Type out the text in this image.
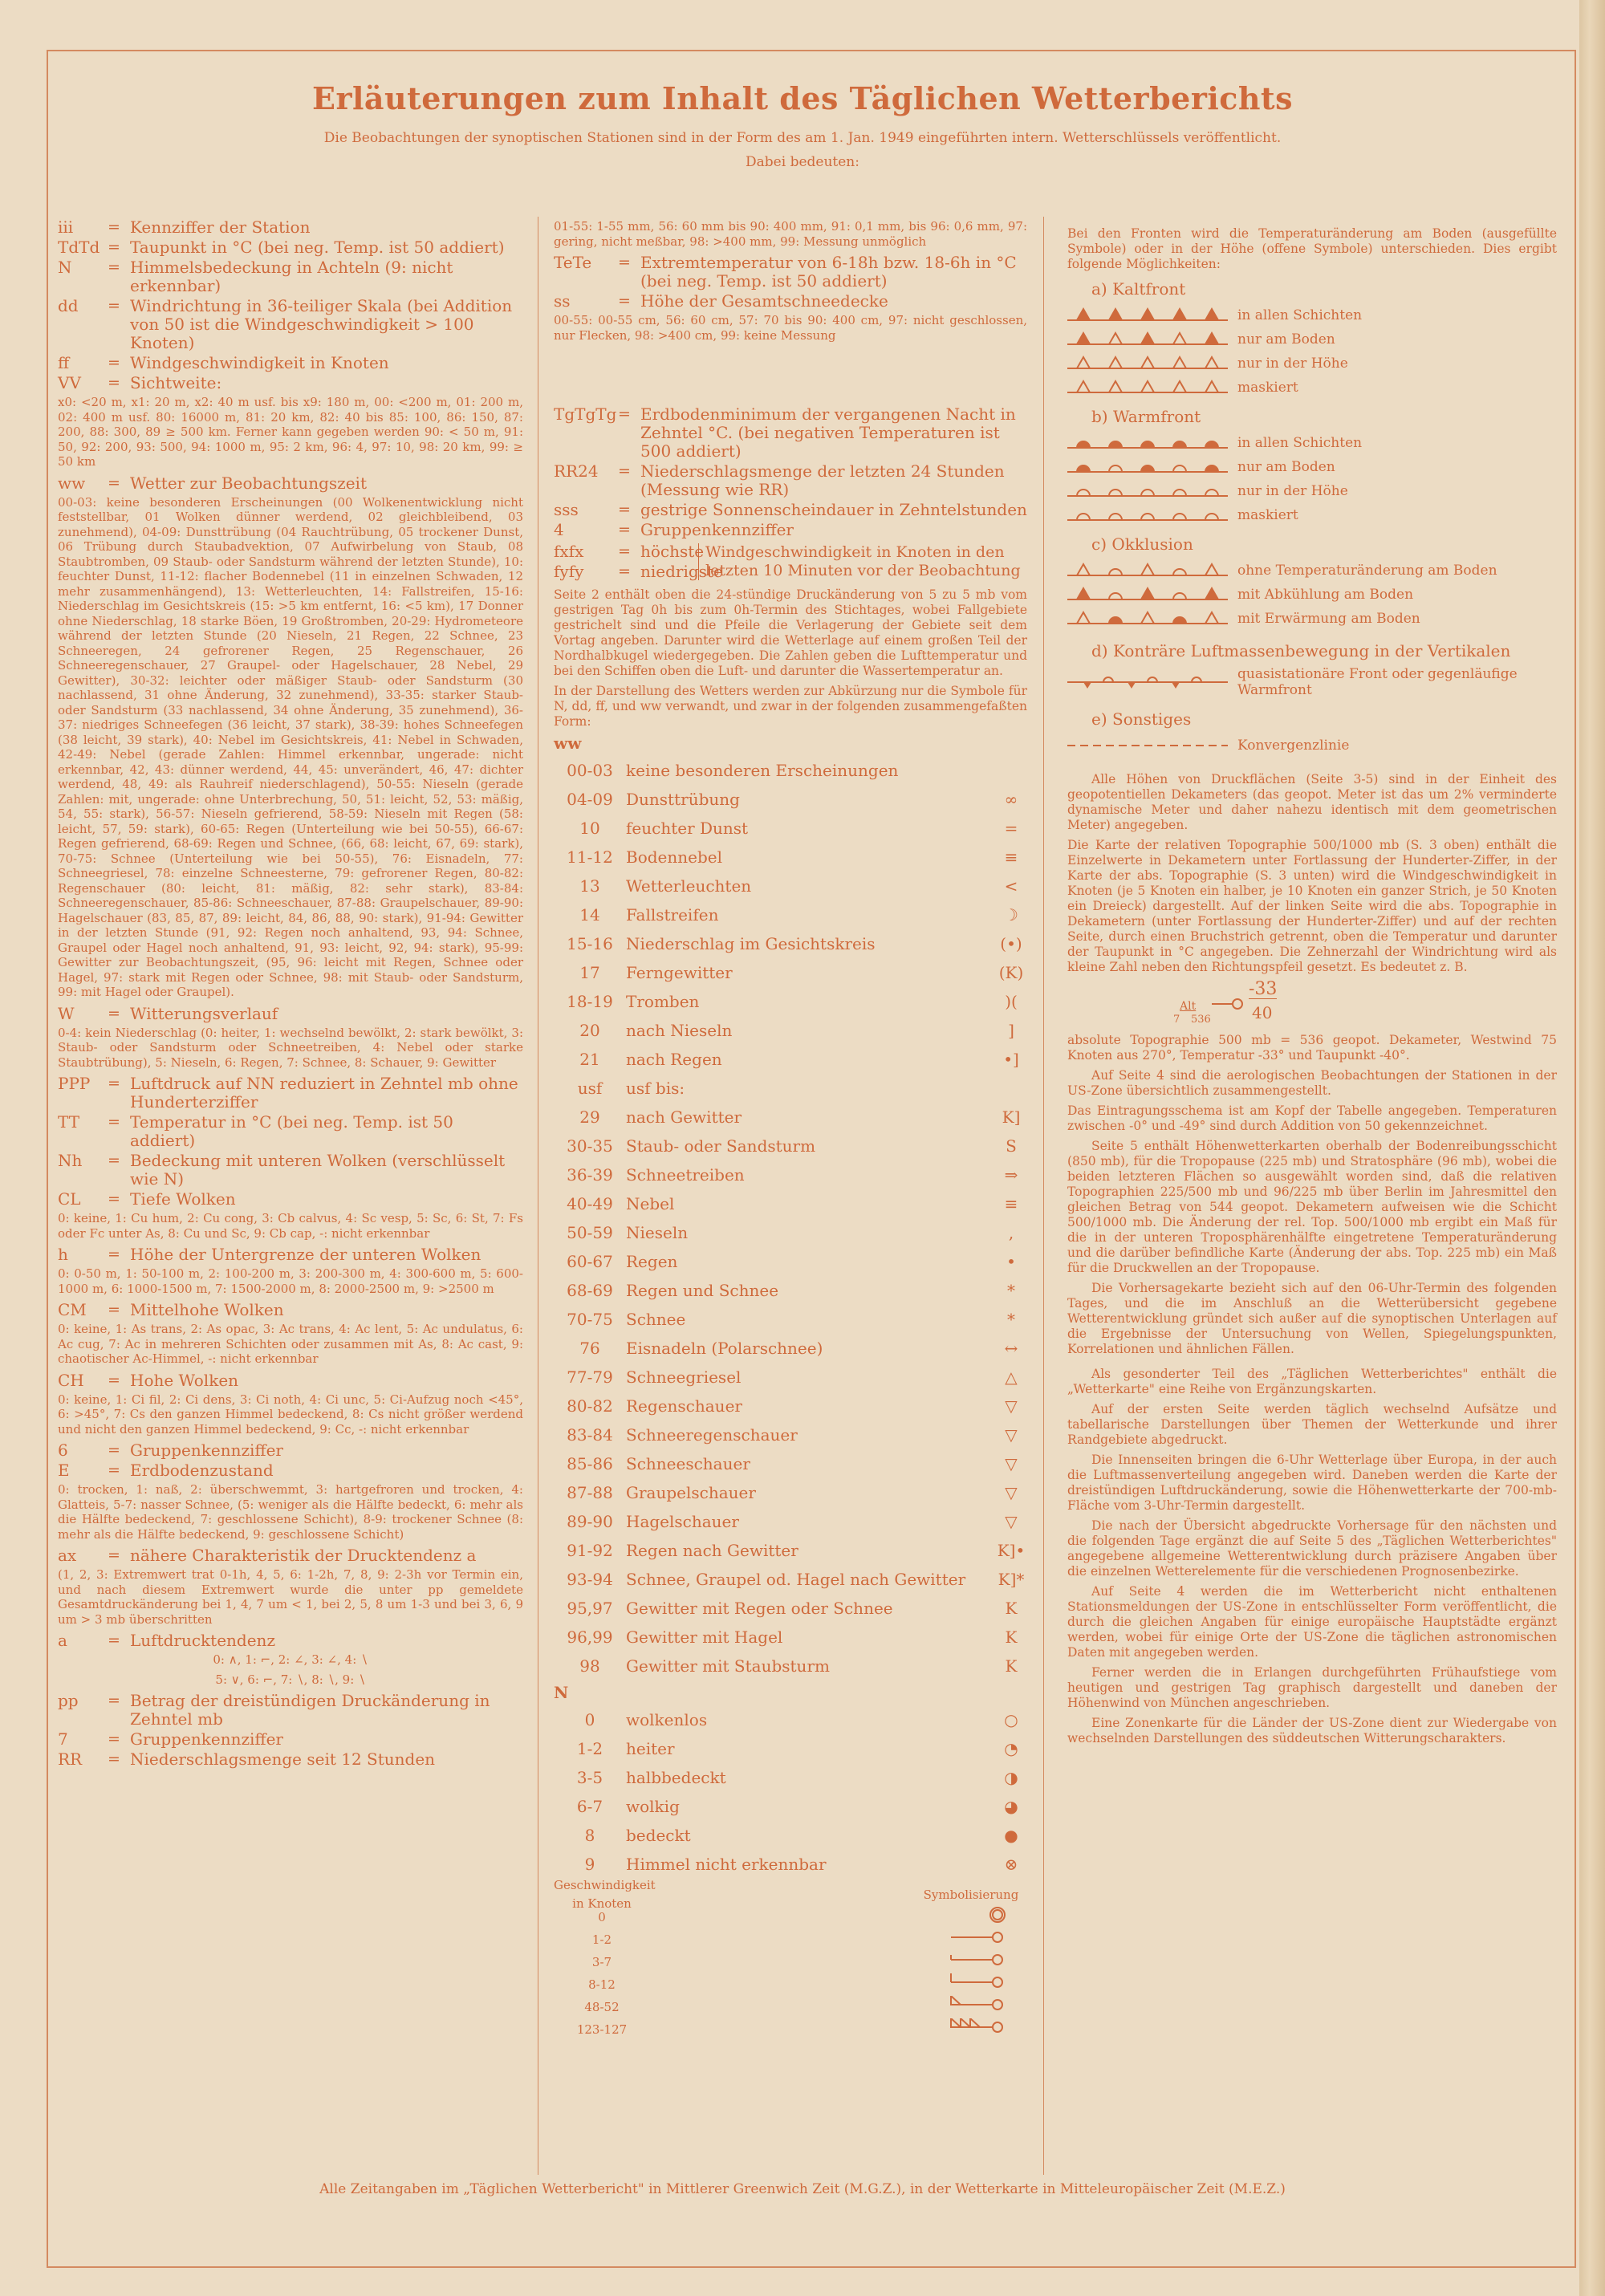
Erläuterungen zum Inhalt des Täglichen Wetterberichts
Die Beobachtungen der synoptischen Stationen sind in der Form des am 1. Jan. 1949 eingeführten intern. Wetterschlüssels veröffentlicht.
Dabei bedeuten:
iii	= Kennziffer der Station
TdTd = Taupunkt in °C (bei neg. Temp. ist 50 addiert)
N	= Himmelsbedeckung in Achteln (9: nicht erkennbar)
dd	= Windrichtung in 36-teiliger Skala (bei Addition von 50 ist die Windgeschwindigkeit > 100 Knoten)
ff	= Windgeschwindigkeit in Knoten
VV	= Sichtweite:
x0: <20 m, x1: 20 m, x2: 40 m usf. bis x9: 180 m, 00: <200 m, 01: 200 m, 02: 400 m usf. 80: 16000 m, 81: 20 km, 82: 40 bis 85: 100, 86: 150, 87: 200, 88: 300, 89 ≥ 500 km. Ferner kann gegeben werden 90: < 50 m, 91: 50, 92: 200, 93: 500, 94: 1000 m, 95: 2 km, 96: 4, 97: 10, 98: 20 km, 99: ≥ 50 km
ww	= Wetter zur Beobachtungszeit
00-03: keine besonderen Erscheinungen (00 Wolkenentwicklung nicht feststellbar, 01 Wolken dünner werdend, 02 gleichbleibend, 03 zunehmend), 04-09: Dunsttrübung (04 Rauchtrübung, 05 trockener Dunst, 06 Trübung durch Staubadvektion, 07 Aufwirbelung von Staub, 08 Staubtromben, 09 Staub- oder Sandsturm während der letzten Stunde), 10: feuchter Dunst, 11-12: flacher Bodennebel (11 in einzelnen Schwaden, 12 mehr zusammenhängend), 13: Wetterleuchten, 14: Fallstreifen, 15-16: Niederschlag im Gesichtskreis (15: >5 km entfernt, 16: <5 km), 17 Donner ohne Niederschlag, 18 starke Böen, 19 Großtromben, 20-29: Hydrometeore während der letzten Stunde (20 Nieseln, 21 Regen, 22 Schnee, 23 Schneeregen, 24 gefrorener Regen, 25 Regenschauer, 26 Schneeregenschauer, 27 Graupel- oder Hagelschauer, 28 Nebel, 29 Gewitter), 30-32: leichter oder mäßiger Staub- oder Sandsturm (30 nachlassend, 31 ohne Änderung, 32 zunehmend), 33-35: starker Staub- oder Sandsturm (33 nachlassend, 34 ohne Änderung, 35 zunehmend), 36-37: niedriges Schneefegen (36 leicht, 37 stark), 38-39: hohes Schneefegen (38 leicht, 39 stark), 40: Nebel im Gesichtskreis, 41: Nebel in Schwaden, 42-49: Nebel (gerade Zahlen: Himmel erkennbar, ungerade: nicht erkennbar, 42, 43: dünner werdend, 44, 45: unverändert, 46, 47: dichter werdend, 48, 49: als Rauhreif niederschlagend), 50-55: Nieseln (gerade Zahlen: mit, ungerade: ohne Unterbrechung, 50, 51: leicht, 52, 53: mäßig, 54, 55: stark), 56-57: Nieseln gefrierend, 58-59: Nieseln mit Regen (58: leicht, 57, 59: stark), 60-65: Regen (Unterteilung wie bei 50-55), 66-67: Regen gefrierend, 68-69: Regen und Schnee, (66, 68: leicht, 67, 69: stark), 70-75: Schnee (Unterteilung wie bei 50-55), 76: Eisnadeln, 77: Schneegriesel, 78: einzelne Schneesterne, 79: gefrorener Regen, 80-82: Regenschauer (80: leicht, 81: mäßig, 82: sehr stark), 83-84: Schneeregenschauer, 85-86: Schneeschauer, 87-88: Graupelschauer, 89-90: Hagelschauer (83, 85, 87, 89: leicht, 84, 86, 88, 90: stark), 91-94: Gewitter in der letzten Stunde (91, 92: Regen noch anhaltend, 93, 94: Schnee, Graupel oder Hagel noch anhaltend, 91, 93: leicht, 92, 94: stark), 95-99: Gewitter zur Beobachtungszeit, (95, 96: leicht mit Regen, Schnee oder Hagel, 97: stark mit Regen oder Schnee, 98: mit Staub- oder Sandsturm, 99: mit Hagel oder Graupel).
W	= Witterungsverlauf
0-4: kein Niederschlag (0: heiter, 1: wechselnd bewölkt, 2: stark bewölkt, 3: Staub- oder Sandsturm oder Schneetreiben, 4: Nebel oder starke Staubtrübung), 5: Nieseln, 6: Regen, 7: Schnee, 8: Schauer, 9: Gewitter
PPP	= Luftdruck auf NN reduziert in Zehntel mb ohne Hunderterziffer
TT	= Temperatur in °C (bei neg. Temp. ist 50 addiert)
Nh	= Bedeckung mit unteren Wolken (verschlüsselt wie N)
CL	= Tiefe Wolken
0: keine, 1: Cu hum, 2: Cu cong, 3: Cb calvus, 4: Sc vesp, 5: Sc, 6: St, 7: Fs oder Fc unter As, 8: Cu und Sc, 9: Cb cap, -: nicht erkennbar
h	= Höhe der Untergrenze der unteren Wolken
0: 0-50 m, 1: 50-100 m, 2: 100-200 m, 3: 200-300 m, 4: 300-600 m, 5: 600-1000 m, 6: 1000-1500 m, 7: 1500-2000 m, 8: 2000-2500 m, 9: >2500 m
CM	= Mittelhohe Wolken
0: keine, 1: As trans, 2: As opac, 3: Ac trans, 4: Ac lent, 5: Ac undulatus, 6: Ac cug, 7: Ac in mehreren Schichten oder zusammen mit As, 8: Ac cast, 9: chaotischer Ac-Himmel, -: nicht erkennbar
CH	= Hohe Wolken
0: keine, 1: Ci fil, 2: Ci dens, 3: Ci noth, 4: Ci unc, 5: Ci-Aufzug noch <45°, 6: >45°, 7: Cs den ganzen Himmel bedeckend, 8: Cs nicht größer werdend und nicht den ganzen Himmel bedeckend, 9: Cc, -: nicht erkennbar
6	= Gruppenkennziffer
E	= Erdbodenzustand
0: trocken, 1: naß, 2: überschwemmt, 3: hartgefroren und trocken, 4: Glatteis, 5-7: nasser Schnee, (5: weniger als die Hälfte bedeckt, 6: mehr als die Hälfte bedeckend, 7: geschlossene Schicht), 8-9: trockener Schnee (8: mehr als die Hälfte bedeckend, 9: geschlossene Schicht)
ax	= nähere Charakteristik der Drucktendenz a
(1, 2, 3: Extremwert trat 0-1h, 4, 5, 6: 1-2h, 7, 8, 9: 2-3h vor Termin ein, und nach diesem Extremwert wurde die unter pp gemeldete Gesamtdruckänderung bei 1, 4, 7 um < 1, bei 2, 5, 8 um 1-3 und bei 3, 6, 9 um > 3 mb überschritten
a	= Luftdrucktendenz
0: ∧, 1: ⌐, 2: ∠, 3: ∠, 4: ∖
5: ∨, 6: ⌐, 7: ∖, 8: ∖, 9: ∖
pp	= Betrag der dreistündigen Druckänderung in Zehntel mb
7	= Gruppenkennziffer
RR	= Niederschlagsmenge seit 12 Stunden
01-55: 1-55 mm, 56: 60 mm bis 90: 400 mm, 91: 0,1 mm, bis 96: 0,6 mm, 97: gering, nicht meßbar, 98: >400 mm, 99: Messung unmöglich
TeTe	= Extremtemperatur von 6-18h bzw. 18-6h in °C (bei neg. Temp. ist 50 addiert)
ss	= Höhe der Gesamtschneedecke
00-55: 00-55 cm, 56: 60 cm, 57: 70 bis 90: 400 cm, 97: nicht geschlossen, nur Flecken, 98: >400 cm, 99: keine Messung
TgTgTg = Erdbodenminimum der vergangenen Nacht in Zehntel °C. (bei negativen Temperaturen ist 500 addiert)
RR24	= Niederschlagsmenge der letzten 24 Stunden (Messung wie RR)
sss	= gestrige Sonnenscheindauer in Zehntelstunden
4	= Gruppenkennziffer
fxfx	= höchste
fyfy	= niedrigste
Windgeschwindigkeit in Knoten in den letzten 10 Minuten vor der Beobachtung
Seite 2 enthält oben die 24-stündige Druckänderung von 5 zu 5 mb vom gestrigen Tag 0h bis zum 0h-Termin des Stichtages, wobei Fallgebiete gestrichelt sind und die Pfeile die Verlagerung der Gebiete seit dem Vortag angeben. Darunter wird die Wetterlage auf einem großen Teil der Nordhalbkugel wiedergegeben. Die Zahlen geben die Lufttemperatur und bei den Schiffen oben die Luft- und darunter die Wassertemperatur an.
In der Darstellung des Wetters werden zur Abkürzung nur die Symbole für N, dd, ff, und ww verwandt, und zwar in der folgenden zusammengefaßten Form:
ww
00-03 keine besonderen Erscheinungen
04-09 Dunsttrübung	∞
10	feuchter Dunst	=
11-12 Bodennebel	≡
13	Wetterleuchten	<
14	Fallstreifen	☽
15-16 Niederschlag im Gesichtskreis	(•)
17	Ferngewitter	(K)
18-19 Tromben	)(
20	nach Nieseln	]
21	nach Regen	•]
usf	usf bis:
29	nach Gewitter	K]
30-35 Staub- oder Sandsturm	S
36-39 Schneetreiben	⇒
40-49 Nebel	≡
50-59 Nieseln	,
60-67 Regen	•
68-69 Regen und Schnee	*
70-75 Schnee	*
76	Eisnadeln (Polarschnee)	↔
77-79 Schneegriesel	△
80-82 Regenschauer	▽
83-84 Schneeregenschauer	▽
85-86 Schneeschauer	▽
87-88 Graupelschauer	▽
89-90 Hagelschauer	▽
91-92 Regen nach Gewitter	K]•
93-94 Schnee, Graupel od. Hagel nach Gewitter	K]*
95,97 Gewitter mit Regen oder Schnee	K
96,99 Gewitter mit Hagel	K
98	Gewitter mit Staubsturm	K
N
0	wolkenlos	○
1-2	heiter	◔
3-5	halbbedeckt	◑
6-7	wolkig	◕
8	bedeckt	●
9	Himmel nicht erkennbar	⊗
Geschwindigkeit in Knoten
Symbolisierung
0
1-2
3-7
8-12
48-52
123-127
Bei den Fronten wird die Temperaturänderung am Boden (ausgefüllte Symbole) oder in der Höhe (offene Symbole) unterschieden. Dies ergibt folgende Möglichkeiten:
a) Kaltfront
in allen Schichten
nur am Boden
nur in der Höhe
maskiert
b) Warmfront
in allen Schichten
nur am Boden
nur in der Höhe
maskiert
c) Okklusion
ohne Temperaturänderung am Boden
mit Abkühlung am Boden
mit Erwärmung am Boden
d) Konträre Luftmassenbewegung in der Vertikalen
quasistationäre Front oder gegenläufige Warmfront
e) Sonstiges
Konvergenzlinie
Alle Höhen von Druckflächen (Seite 3-5) sind in der Einheit des geopotentiellen Dekameters (das geopot. Meter ist das um 2% verminderte dynamische Meter und daher nahezu identisch mit dem geometrischen Meter) angegeben.
Die Karte der relativen Topographie 500/1000 mb (S. 3 oben) enthält die Einzelwerte in Dekametern unter Fortlassung der Hunderter-Ziffer, in der Karte der abs. Topographie (S. 3 unten) wird die Windgeschwindigkeit in Knoten (je 5 Knoten ein halber, je 10 Knoten ein ganzer Strich, je 50 Knoten ein Dreieck) dargestellt. Auf der linken Seite wird die abs. Topographie in Dekametern (unter Fortlassung der Hunderter-Ziffer) und auf der rechten Seite, durch einen Bruchstrich getrennt, oben die Temperatur und darunter der Taupunkt in °C angegeben. Die Zehnerzahl der Windrichtung wird als kleine Zahl neben den Richtungspfeil gesetzt. Es bedeutet z. B.
Alt
7 536
-33
40
absolute Topographie 500 mb = 536 geopot. Dekameter, Westwind 75 Knoten aus 270°, Temperatur -33° und Taupunkt -40°.
Auf Seite 4 sind die aerologischen Beobachtungen der Stationen in der US-Zone übersichtlich zusammengestellt.
Das Eintragungsschema ist am Kopf der Tabelle angegeben. Temperaturen zwischen -0° und -49° sind durch Addition von 50 gekennzeichnet.
Seite 5 enthält Höhenwetterkarten oberhalb der Bodenreibungsschicht (850 mb), für die Tropopause (225 mb) und Stratosphäre (96 mb), wobei die beiden letzteren Flächen so ausgewählt worden sind, daß die relativen Topographien 225/500 mb und 96/225 mb über Berlin im Jahresmittel den gleichen Betrag von 544 geopot. Dekametern aufweisen wie die Schicht 500/1000 mb. Die Änderung der rel. Top. 500/1000 mb ergibt ein Maß für die in der unteren Troposphärenhälfte eingetretene Temperaturänderung und die darüber befindliche Karte (Änderung der abs. Top. 225 mb) ein Maß für die Druckwellen an der Tropopause.
Die Vorhersagekarte bezieht sich auf den 06-Uhr-Termin des folgenden Tages, und die im Anschluß an die Wetterübersicht gegebene Wetterentwicklung gründet sich außer auf die synoptischen Unterlagen auf die Ergebnisse der Untersuchung von Wellen, Spiegelungspunkten, Korrelationen und ähnlichen Fällen.
Als gesonderter Teil des „Täglichen Wetterberichtes" enthält die „Wetterkarte" eine Reihe von Ergänzungskarten.
Auf der ersten Seite werden täglich wechselnd Aufsätze und tabellarische Darstellungen über Themen der Wetterkunde und ihrer Randgebiete abgedruckt.
Die Innenseiten bringen die 6-Uhr Wetterlage über Europa, in der auch die Luftmassenverteilung angegeben wird. Daneben werden die Karte der dreistündigen Luftdruckänderung, sowie die Höhenwetterkarte der 700-mb-Fläche vom 3-Uhr-Termin dargestellt.
Die nach der Übersicht abgedruckte Vorhersage für den nächsten und die folgenden Tage ergänzt die auf Seite 5 des „Täglichen Wetterberichtes" angegebene allgemeine Wetterentwicklung durch präzisere Angaben über die einzelnen Wetterelemente für die verschiedenen Prognosenbezirke.
Auf Seite 4 werden die im Wetterbericht nicht enthaltenen Stationsmeldungen der US-Zone in entschlüsselter Form veröffentlicht, die durch die gleichen Angaben für einige europäische Hauptstädte ergänzt werden, wobei für einige Orte der US-Zone die täglichen astronomischen Daten mit angegeben werden.
Ferner werden die in Erlangen durchgeführten Frühaufstiege vom heutigen und gestrigen Tag graphisch dargestellt und daneben der Höhenwind von München angeschrieben.
Eine Zonenkarte für die Länder der US-Zone dient zur Wiedergabe von wechselnden Darstellungen des süddeutschen Witterungscharakters.
Alle Zeitangaben im „Täglichen Wetterbericht" in Mittlerer Greenwich Zeit (M.G.Z.), in der Wetterkarte in Mitteleuropäischer Zeit (M.E.Z.)
